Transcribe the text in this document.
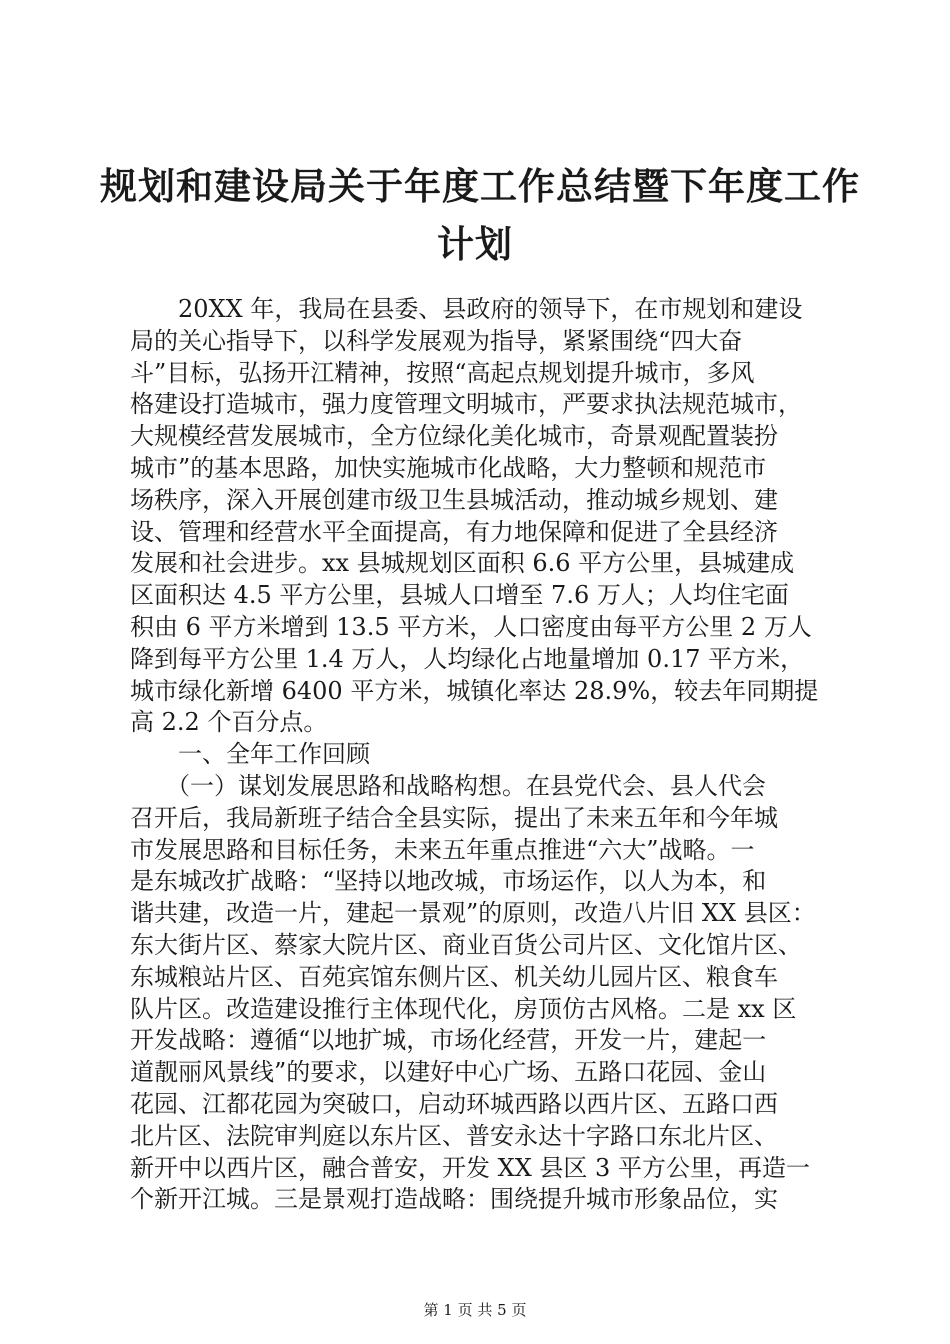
规划和建设局关于年度工作总结暨下年度工作
计划
20XX 年，我局在县委、县政府的领导下，在市规划和建设
局的关心指导下，以科学发展观为指导，紧紧围绕“四大奋
斗”目标，弘扬开江精神，按照“高起点规划提升城市，多风
格建设打造城市，强力度管理文明城市，严要求执法规范城市，
大规模经营发展城市，全方位绿化美化城市，奇景观配置装扮
城市”的基本思路，加快实施城市化战略，大力整顿和规范市
场秩序，深入开展创建市级卫生县城活动，推动城乡规划、建
设、管理和经营水平全面提高，有力地保障和促进了全县经济
发展和社会进步。xx 县城规划区面积 6.6 平方公里，县城建成
区面积达 4.5 平方公里，县城人口增至 7.6 万人；人均住宅面
积由 6 平方米增到 13.5 平方米，人口密度由每平方公里 2 万人
降到每平方公里 1.4 万人，人均绿化占地量增加 0.17 平方米，
城市绿化新增 6400 平方米，城镇化率达 28.9%，较去年同期提
高 2.2 个百分点。
一、全年工作回顾
（一）谋划发展思路和战略构想。在县党代会、县人代会
召开后，我局新班子结合全县实际，提出了未来五年和今年城
市发展思路和目标任务，未来五年重点推进“六大”战略。一
是东城改扩战略：“坚持以地改城，市场运作，以人为本，和
谐共建，改造一片，建起一景观”的原则，改造八片旧 XX 县区：
东大街片区、蔡家大院片区、商业百货公司片区、文化馆片区、
东城粮站片区、百苑宾馆东侧片区、机关幼儿园片区、粮食车
队片区。改造建设推行主体现代化，房顶仿古风格。二是 xx 区
开发战略：遵循“以地扩城，市场化经营，开发一片，建起一
道靓丽风景线”的要求，以建好中心广场、五路口花园、金山
花园、江都花园为突破口，启动环城西路以西片区、五路口西
北片区、法院审判庭以东片区、普安永达十字路口东北片区、
新开中以西片区，融合普安，开发 XX 县区 3 平方公里，再造一
个新开江城。三是景观打造战略：围绕提升城市形象品位，实
第 1 页 共 5 页
